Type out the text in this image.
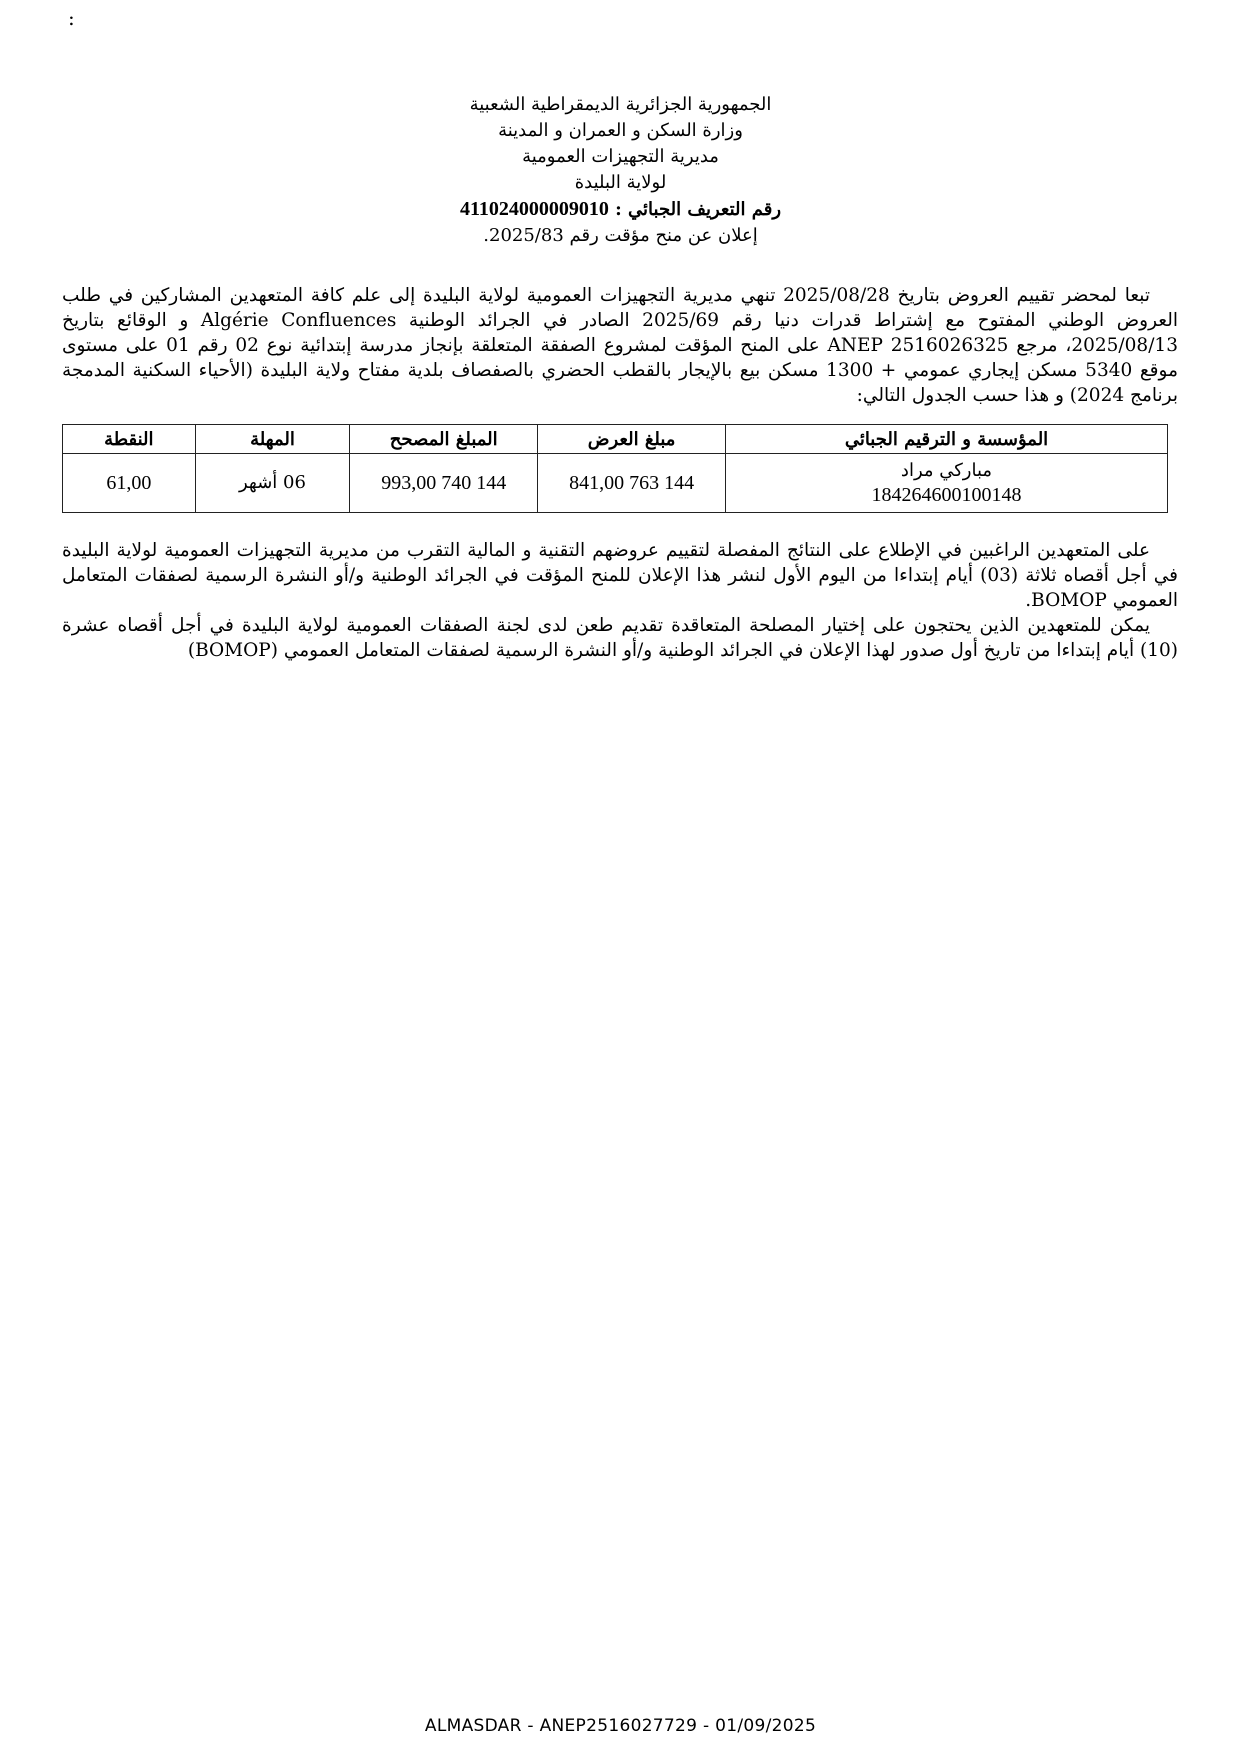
:
الجمهورية الجزائرية الديمقراطية الشعبية
وزارة السكن و العمران و المدينة
مديرية التجهيزات العمومية
لولاية البليدة
رقم التعريف الجبائي : 411024000009010
إعلان عن منح مؤقت رقم 2025/83.

تبعا لمحضر تقييم العروض بتاريخ 2025/08/28 تنهي مديرية التجهيزات العمومية لولاية البليدة إلى علم كافة المتعهدين المشاركين في طلب العروض الوطني المفتوح مع إشتراط قدرات دنيا رقم 2025/69 الصادر في الجرائد الوطنية Algérie Confluences و الوقائع بتاريخ 2025/08/13، مرجع ANEP 2516026325 على المنح المؤقت لمشروع الصفقة المتعلقة بإنجاز مدرسة إبتدائية نوع 02 رقم 01 على مستوى موقع 5340 مسكن إيجاري عمومي + 1300 مسكن بيع بالإيجار بالقطب الحضري بالصفصاف بلدية مفتاح ولاية البليدة (الأحياء السكنية المدمجة برنامج 2024) و هذا حسب الجدول التالي:

المؤسسة و الترقيم الجبائي	مبلغ العرض	المبلغ المصحح	المهلة	النقطة

مباركي مراد
184264600100148	144 763 841,00	144 740 993,00	06 أشهر	61,00

على المتعهدين الراغبين في الإطلاع على النتائج المفصلة لتقييم عروضهم التقنية و المالية التقرب من مديرية التجهيزات العمومية لولاية البليدة في أجل أقصاه ثلاثة (03) أيام إبتداءا من اليوم الأول لنشر هذا الإعلان للمنح المؤقت في الجرائد الوطنية و/أو النشرة الرسمية لصفقات المتعامل العمومي BOMOP.

يمكن للمتعهدين الذين يحتجون على إختيار المصلحة المتعاقدة تقديم طعن لدى لجنة الصفقات العمومية لولاية البليدة في أجل أقصاه عشرة (10) أيام إبتداءا من تاريخ أول صدور لهذا الإعلان في الجرائد الوطنية و/أو النشرة الرسمية لصفقات المتعامل العمومي (BOMOP)

ALMASDAR - ANEP2516027729 - 01/09/2025
